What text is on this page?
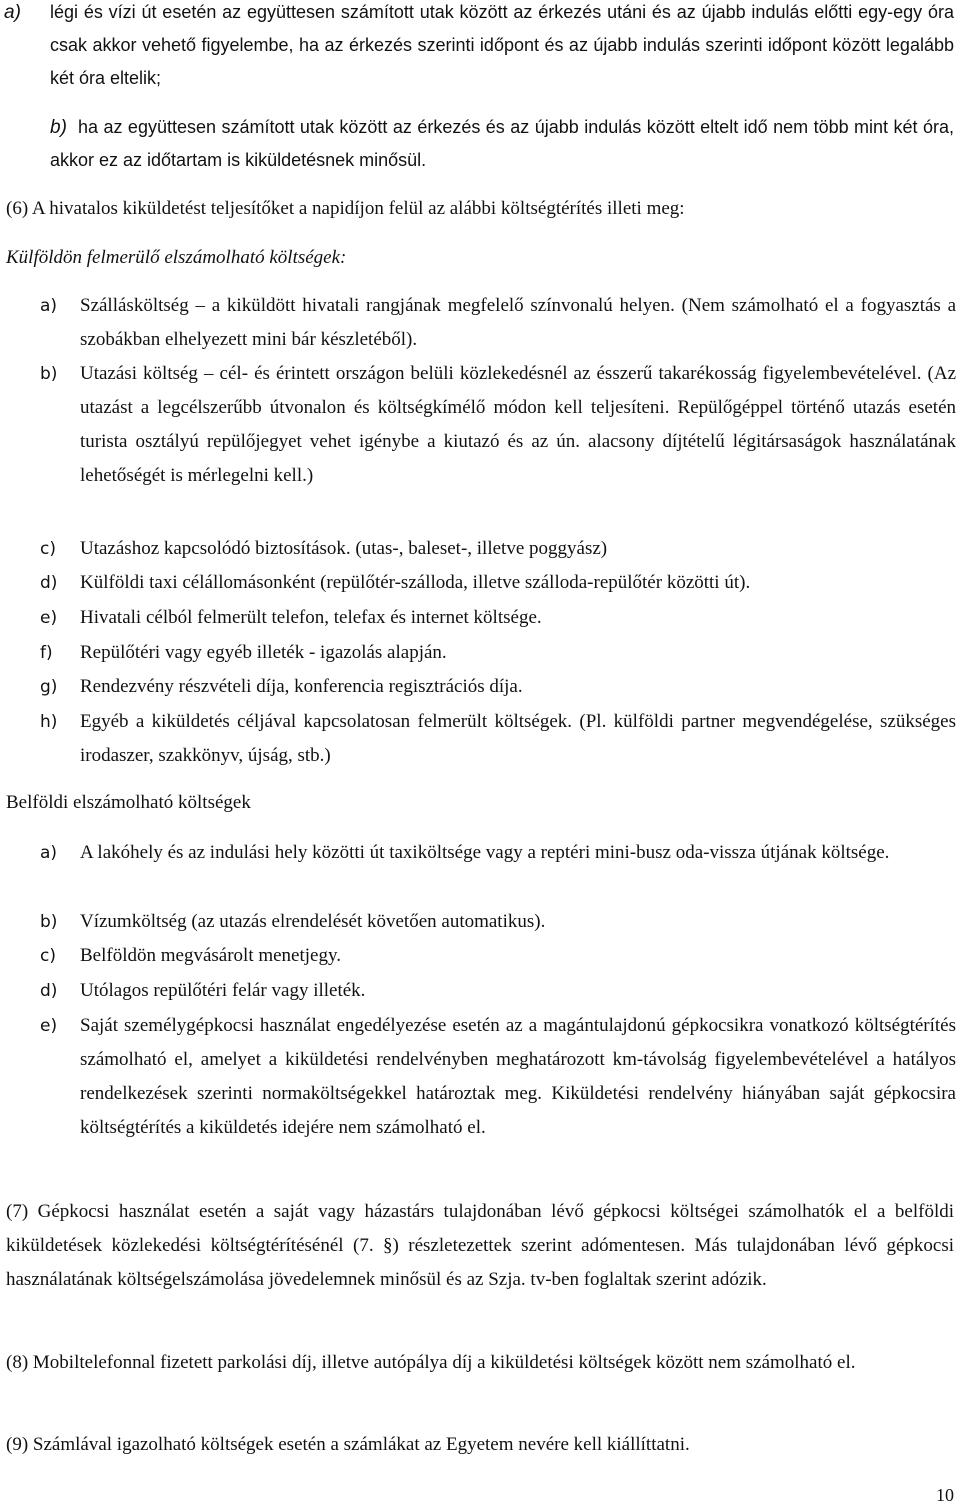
a) légi és vízi út esetén az együttesen számított utak között az érkezés utáni és az újabb indulás előtti egy-egy óra csak akkor vehető figyelembe, ha az érkezés szerinti időpont és az újabb indulás szerinti időpont között legalább két óra eltelik;
b) ha az együttesen számított utak között az érkezés és az újabb indulás között eltelt idő nem több mint két óra, akkor ez az időtartam is kiküldetésnek minősül.

(6) A hivatalos kiküldetést teljesítőket a napidíjon felül az alábbi költségtérítés illeti meg:

Külföldön felmerülő elszámolható költségek:

a) Szállásköltség – a kiküldött hivatali rangjának megfelelő színvonalú helyen. (Nem számolható el a fogyasztás a szobákban elhelyezett mini bár készletéből).
b) Utazási költség – cél- és érintett országon belüli közlekedésnél az ésszerű takarékosság figyelembevételével. (Az utazást a legcélszerűbb útvonalon és költségkímélő módon kell teljesíteni. Repülőgéppel történő utazás esetén turista osztályú repülőjegyet vehet igénybe a kiutazó és az ún. alacsony díjtételű légitársaságok használatának lehetőségét is mérlegelni kell.)
c) Utazáshoz kapcsolódó biztosítások. (utas-, baleset-, illetve poggyász)
d) Külföldi taxi célállomásonként (repülőtér-szálloda, illetve szálloda-repülőtér közötti út).
e) Hivatali célból felmerült telefon, telefax és internet költsége.
f) Repülőtéri vagy egyéb illeték - igazolás alapján.
g) Rendezvény részvételi díja, konferencia regisztrációs díja.
h) Egyéb a kiküldetés céljával kapcsolatosan felmerült költségek. (Pl. külföldi partner megvendégelése, szükséges irodaszer, szakkönyv, újság, stb.)

Belföldi elszámolható költségek

a) A lakóhely és az indulási hely közötti út taxiköltsége vagy a reptéri mini-busz oda-vissza útjának költsége.
b) Vízumköltség (az utazás elrendelését követően automatikus).
c) Belföldön megvásárolt menetjegy.
d) Utólagos repülőtéri felár vagy illeték.
e) Saját személygépkocsi használat engedélyezése esetén az a magántulajdonú gépkocsikra vonatkozó költségtérítés számolható el, amelyet a kiküldetési rendelvényben meghatározott km-távolság figyelembevételével a hatályos rendelkezések szerinti normaköltségekkel határoztak meg. Kiküldetési rendelvény hiányában saját gépkocsira költségtérítés a kiküldetés idejére nem számolható el.

(7) Gépkocsi használat esetén a saját vagy házastárs tulajdonában lévő gépkocsi költségei számolhatók el a belföldi kiküldetések közlekedési költségtérítésénél (7. §) részletezettek szerint adómentesen. Más tulajdonában lévő gépkocsi használatának költségelszámolása jövedelemnek minősül és az Szja. tv-ben foglaltak szerint adózik.

(8) Mobiltelefonnal fizetett parkolási díj, illetve autópálya díj a kiküldetési költségek között nem számolható el.

(9) Számlával igazolható költségek esetén a számlákat az Egyetem nevére kell kiállíttatni.

10
